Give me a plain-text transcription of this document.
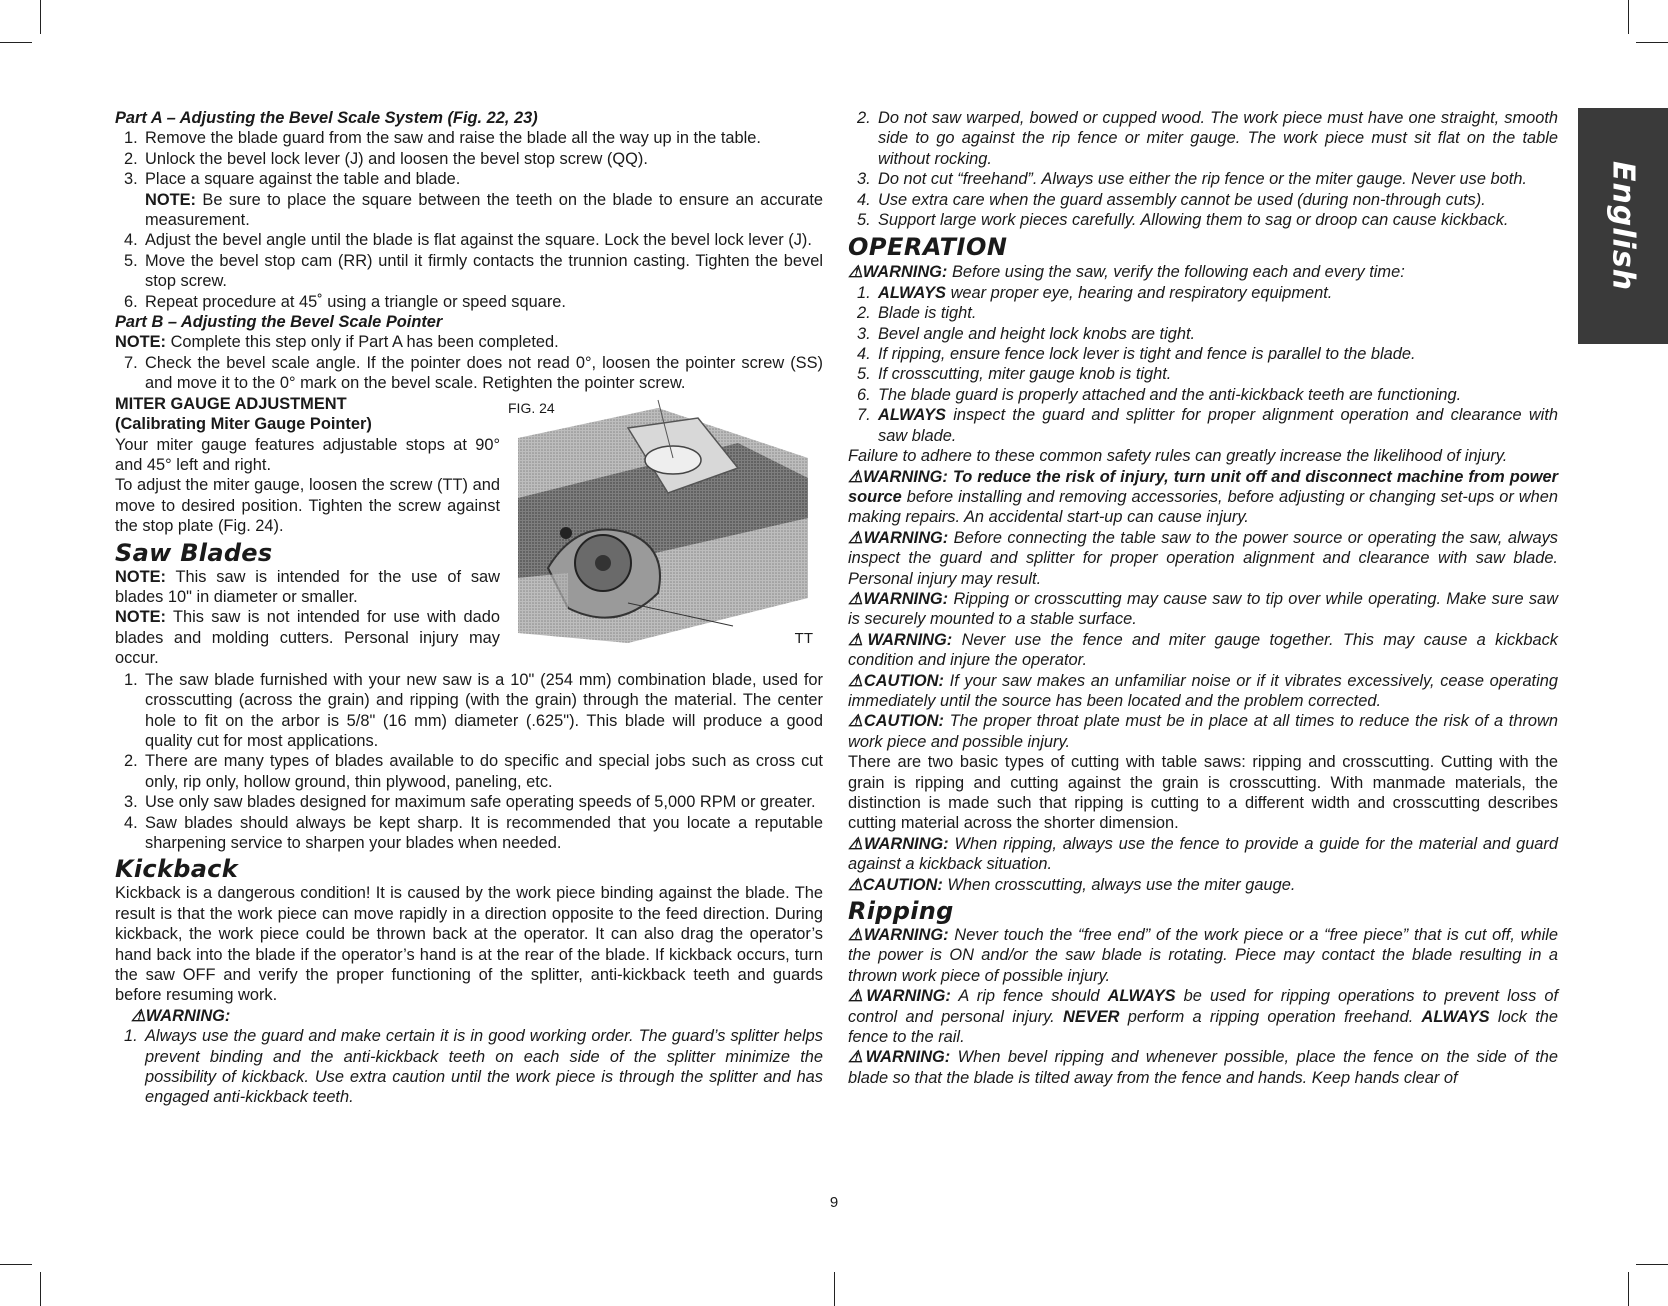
English

Part A – Adjusting the Bevel Scale System (Fig. 22, 23)

1. Remove the blade guard from the saw and raise the blade all the way up in the table.
2. Unlock the bevel lock lever (J) and loosen the bevel stop screw (QQ).
3. Place a square against the table and blade.
NOTE: Be sure to place the square between the teeth on the blade to ensure an accurate measurement.
4. Adjust the bevel angle until the blade is flat against the square. Lock the bevel lock lever (J).
5. Move the bevel stop cam (RR) until it firmly contacts the trunnion casting. Tighten the bevel stop screw.
6. Repeat procedure at 45˚ using a triangle or speed square.

Part B – Adjusting the Bevel Scale Pointer

NOTE: Complete this step only if Part A has been completed.

7. Check the bevel scale angle. If the pointer does not read 0°, loosen the pointer screw (SS) and move it to the 0° mark on the bevel scale. Retighten the pointer screw.
FIG. 24
TT

MITER GAUGE ADJUSTMENT

(Calibrating Miter Gauge Pointer)

Your miter gauge features adjustable stops at 90° and 45° left and right.

To adjust the miter gauge, loosen the screw (TT) and move to desired position. Tighten the screw against the stop plate (Fig. 24).

Saw Blades

NOTE: This saw is intended for the use of saw blades 10" in diameter or smaller.

NOTE: This saw is not intended for use with dado blades and molding cutters. Personal injury may occur.

1. The saw blade furnished with your new saw is a 10" (254 mm) combination blade, used for crosscutting (across the grain) and ripping (with the grain) through the material. The center hole to fit on the arbor is 5/8" (16 mm) diameter (.625"). This blade will produce a good quality cut for most applications.
2. There are many types of blades available to do specific and special jobs such as cross cut only, rip only, hollow ground, thin plywood, paneling, etc.
3. Use only saw blades designed for maximum safe operating speeds of 5,000 RPM or greater.
4. Saw blades should always be kept sharp. It is recommended that you locate a reputable sharpening service to sharpen your blades when needed.
Kickback

Kickback is a dangerous condition! It is caused by the work piece binding against the blade. The result is that the work piece can move rapidly in a direction opposite to the feed direction. During kickback, the work piece could be thrown back at the operator. It can also drag the operator’s hand back into the blade if the operator’s hand is at the rear of the blade. If kickback occurs, turn the saw OFF and verify the proper functioning of the splitter, anti-kickback teeth and guards before resuming work.

⚠WARNING:

1. Always use the guard and make certain it is in good working order. The guard’s splitter helps prevent binding and the anti-kickback teeth on each side of the splitter minimize the possibility of kickback. Use extra caution until the work piece is through the splitter and has engaged anti-kickback teeth.
2. Do not saw warped, bowed or cupped wood. The work piece must have one straight, smooth side to go against the rip fence or miter gauge. The work piece must sit flat on the table without rocking.
3. Do not cut “freehand”. Always use either the rip fence or the miter gauge. Never use both.
4. Use extra care when the guard assembly cannot be used (during non-through cuts).
5. Support large work pieces carefully. Allowing them to sag or droop can cause kickback.
OPERATION

⚠WARNING: Before using the saw, verify the following each and every time:

1. ALWAYS wear proper eye, hearing and respiratory equipment.
2. Blade is tight.
3. Bevel angle and height lock knobs are tight.
4. If ripping, ensure fence lock lever is tight and fence is parallel to the blade.
5. If crosscutting, miter gauge knob is tight.
6. The blade guard is properly attached and the anti-kickback teeth are functioning.
7. ALWAYS inspect the guard and splitter for proper alignment operation and clearance with saw blade.

Failure to adhere to these common safety rules can greatly increase the likelihood of injury.

⚠WARNING: To reduce the risk of injury, turn unit off and disconnect machine from power source before installing and removing accessories, before adjusting or changing set-ups or when making repairs. An accidental start-up can cause injury.

⚠WARNING: Before connecting the table saw to the power source or operating the saw, always inspect the guard and splitter for proper operation alignment and clearance with saw blade. Personal injury may result.

⚠WARNING: Ripping or crosscutting may cause saw to tip over while operating. Make sure saw is securely mounted to a stable surface.

⚠WARNING: Never use the fence and miter gauge together. This may cause a kickback condition and injure the operator.

⚠CAUTION: If your saw makes an unfamiliar noise or if it vibrates excessively, cease operating immediately until the source has been located and the problem corrected.

⚠CAUTION: The proper throat plate must be in place at all times to reduce the risk of a thrown work piece and possible injury.

There are two basic types of cutting with table saws: ripping and crosscutting. Cutting with the grain is ripping and cutting against the grain is crosscutting. With manmade materials, the distinction is made such that ripping is cutting to a different width and crosscutting describes cutting material across the shorter dimension.

⚠WARNING: When ripping, always use the fence to provide a guide for the material and guard against a kickback situation.

⚠CAUTION: When crosscutting, always use the miter gauge.

Ripping

⚠WARNING: Never touch the “free end” of the work piece or a “free piece” that is cut off, while the power is ON and/or the saw blade is rotating. Piece may contact the blade resulting in a thrown work piece of possible injury.

⚠WARNING: A rip fence should ALWAYS be used for ripping operations to prevent loss of control and personal injury. NEVER perform a ripping operation freehand. ALWAYS lock the fence to the rail.

⚠WARNING: When bevel ripping and whenever possible, place the fence on the side of the blade so that the blade is tilted away from the fence and hands. Keep hands clear of

9
